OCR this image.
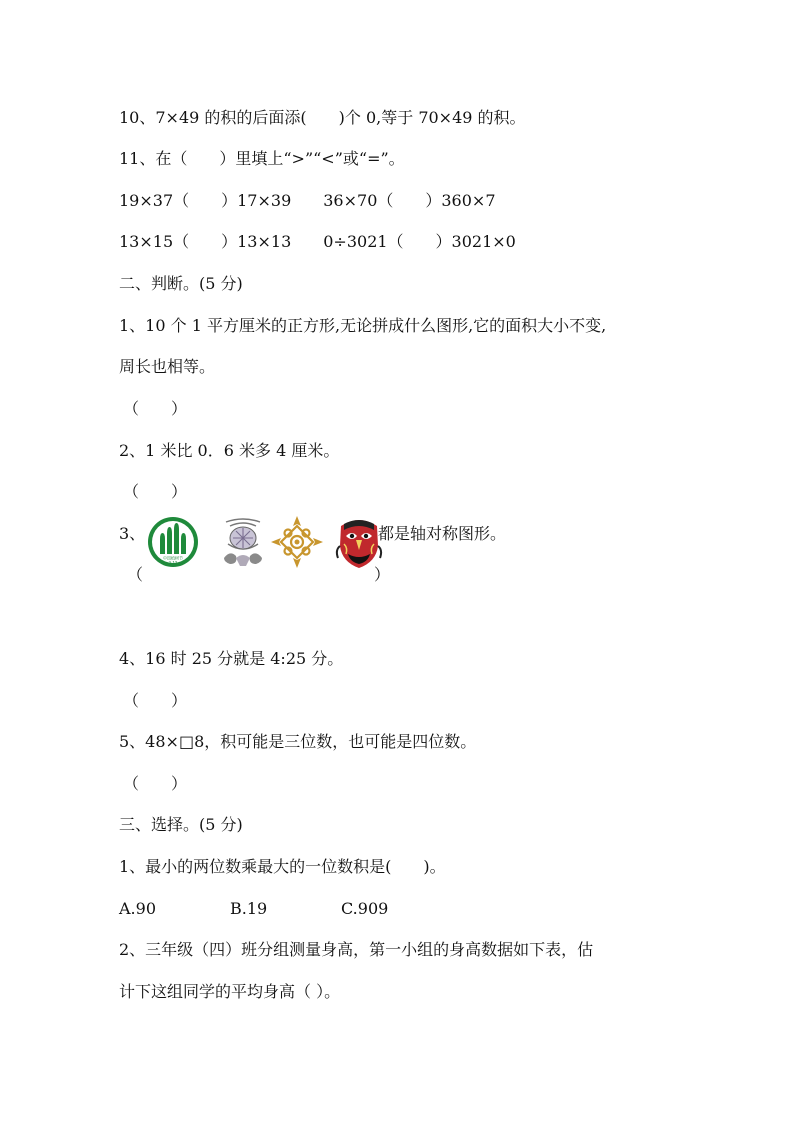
10、7×49 的积的后面添(　　)个 0,等于 70×49 的积。
11、在（　　）里填上“>”“<”或“=”。
19×37（　　）17×39　　36×70（　　）360×7
13×15（　　）13×13　　0÷3021（　　）3021×0
二、判断。(5 分)
1、10 个 1 平方厘米的正方形,无论拼成什么图形,它的面积大小不变,
周长也相等。
（　　）
2、1 米比 0．6 米多 4 厘米。
（　　）
3、	都是轴对称图形。
（	）
中国植树节
3.12
4、16 时 25 分就是 4:25 分。
（　　）
5、48×□8，积可能是三位数，也可能是四位数。
（　　）
三、选择。(5 分)
1、最小的两位数乘最大的一位数积是(　　)。
A.90	B.19	C.909
2、三年级（四）班分组测量身高，第一小组的身高数据如下表，估
计下这组同学的平均身高（ ）。
